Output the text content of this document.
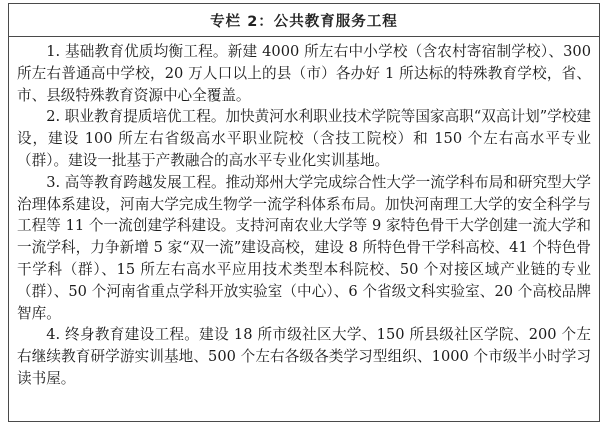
专栏 2：公共教育服务工程

1. 基础教育优质均衡工程。新建 4000 所左右中小学校（含农村寄宿制学校）、300 所左右普通高中学校，20 万人口以上的县（市）各办好 1 所达标的特殊教育学校，省、市、县级特殊教育资源中心全覆盖。

2. 职业教育提质培优工程。加快黄河水利职业技术学院等国家高职“双高计划”学校建设，建设 100 所左右省级高水平职业院校（含技工院校）和 150 个左右高水平专业（群）。建设一批基于产教融合的高水平专业化实训基地。

3. 高等教育跨越发展工程。推动郑州大学完成综合性大学一流学科布局和研究型大学治理体系建设，河南大学完成生物学一流学科体系布局。加快河南理工大学的安全科学与工程等 11 个一流创建学科建设。支持河南农业大学等 9 家特色骨干大学创建一流大学和一流学科，力争新增 5 家“双一流”建设高校，建设 8 所特色骨干学科高校、41 个特色骨干学科（群）、15 所左右高水平应用技术类型本科院校、50 个对接区域产业链的专业（群）、50 个河南省重点学科开放实验室（中心）、6 个省级文科实验室、20 个高校品牌智库。

4. 终身教育建设工程。建设 18 所市级社区大学、150 所县级社区学院、200 个左右继续教育研学游实训基地、500 个左右各级各类学习型组织、1000 个市级半小时学习读书屋。
